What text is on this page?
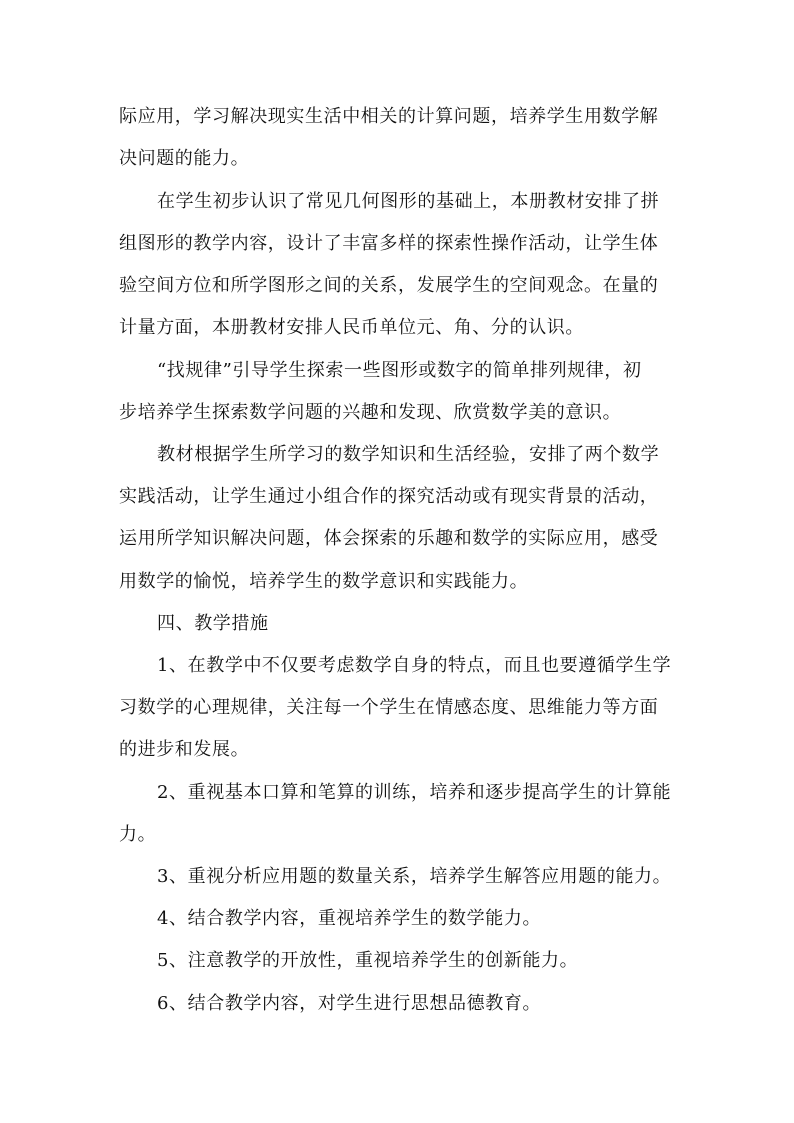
际应用，学习解决现实生活中相关的计算问题，培养学生用数学解
决问题的能力。
在学生初步认识了常见几何图形的基础上，本册教材安排了拼
组图形的教学内容，设计了丰富多样的探索性操作活动，让学生体
验空间方位和所学图形之间的关系，发展学生的空间观念。在量的
计量方面，本册教材安排人民币单位元、角、分的认识。
“找规律”引导学生探索一些图形或数字的简单排列规律，初
步培养学生探索数学问题的兴趣和发现、欣赏数学美的意识。
教材根据学生所学习的数学知识和生活经验，安排了两个数学
实践活动，让学生通过小组合作的探究活动或有现实背景的活动，
运用所学知识解决问题，体会探索的乐趣和数学的实际应用，感受
用数学的愉悦，培养学生的数学意识和实践能力。
四、教学措施
1、在教学中不仅要考虑数学自身的特点，而且也要遵循学生学
习数学的心理规律，关注每一个学生在情感态度、思维能力等方面
的进步和发展。
2、重视基本口算和笔算的训练，培养和逐步提高学生的计算能
力。
3、重视分析应用题的数量关系，培养学生解答应用题的能力。
4、结合教学内容，重视培养学生的数学能力。
5、注意教学的开放性，重视培养学生的创新能力。
6、结合教学内容，对学生进行思想品德教育。
